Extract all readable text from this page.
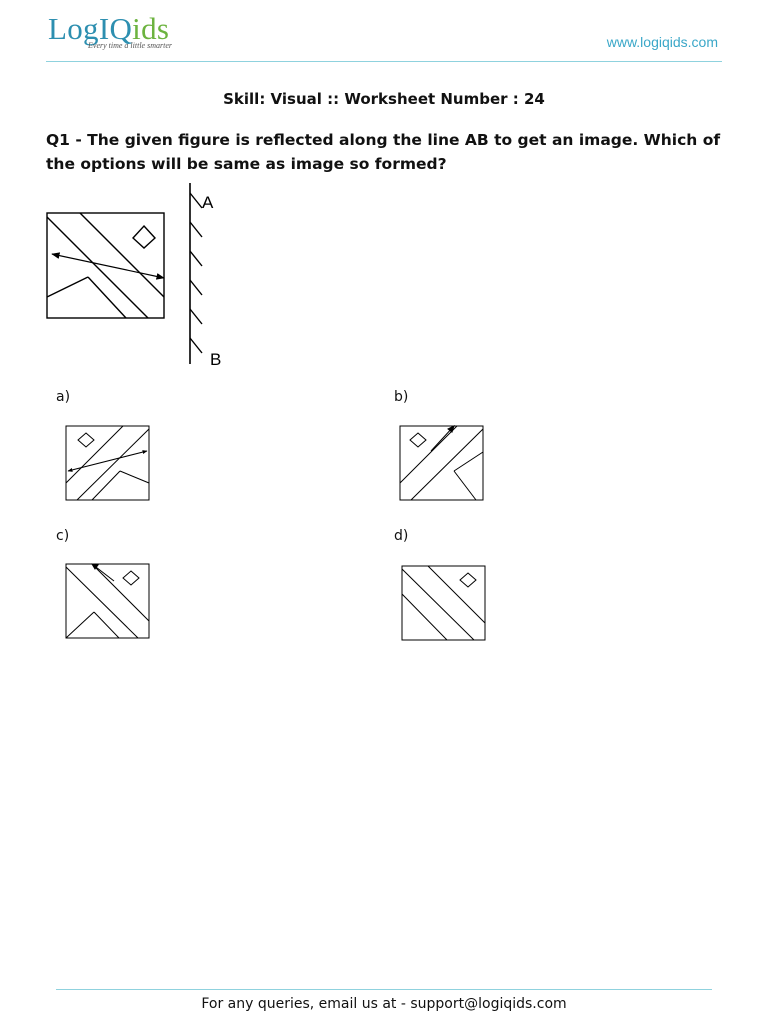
LogIQids
Every time a little smarter	www.logiqids.com
Skill: Visual :: Worksheet Number : 24
Q1 - The given figure is reflected along the line AB to get an image. Which of the options will be same as image so formed?
A
B
a)	b)
c)	d)
For any queries, email us at - support@logiqids.com
